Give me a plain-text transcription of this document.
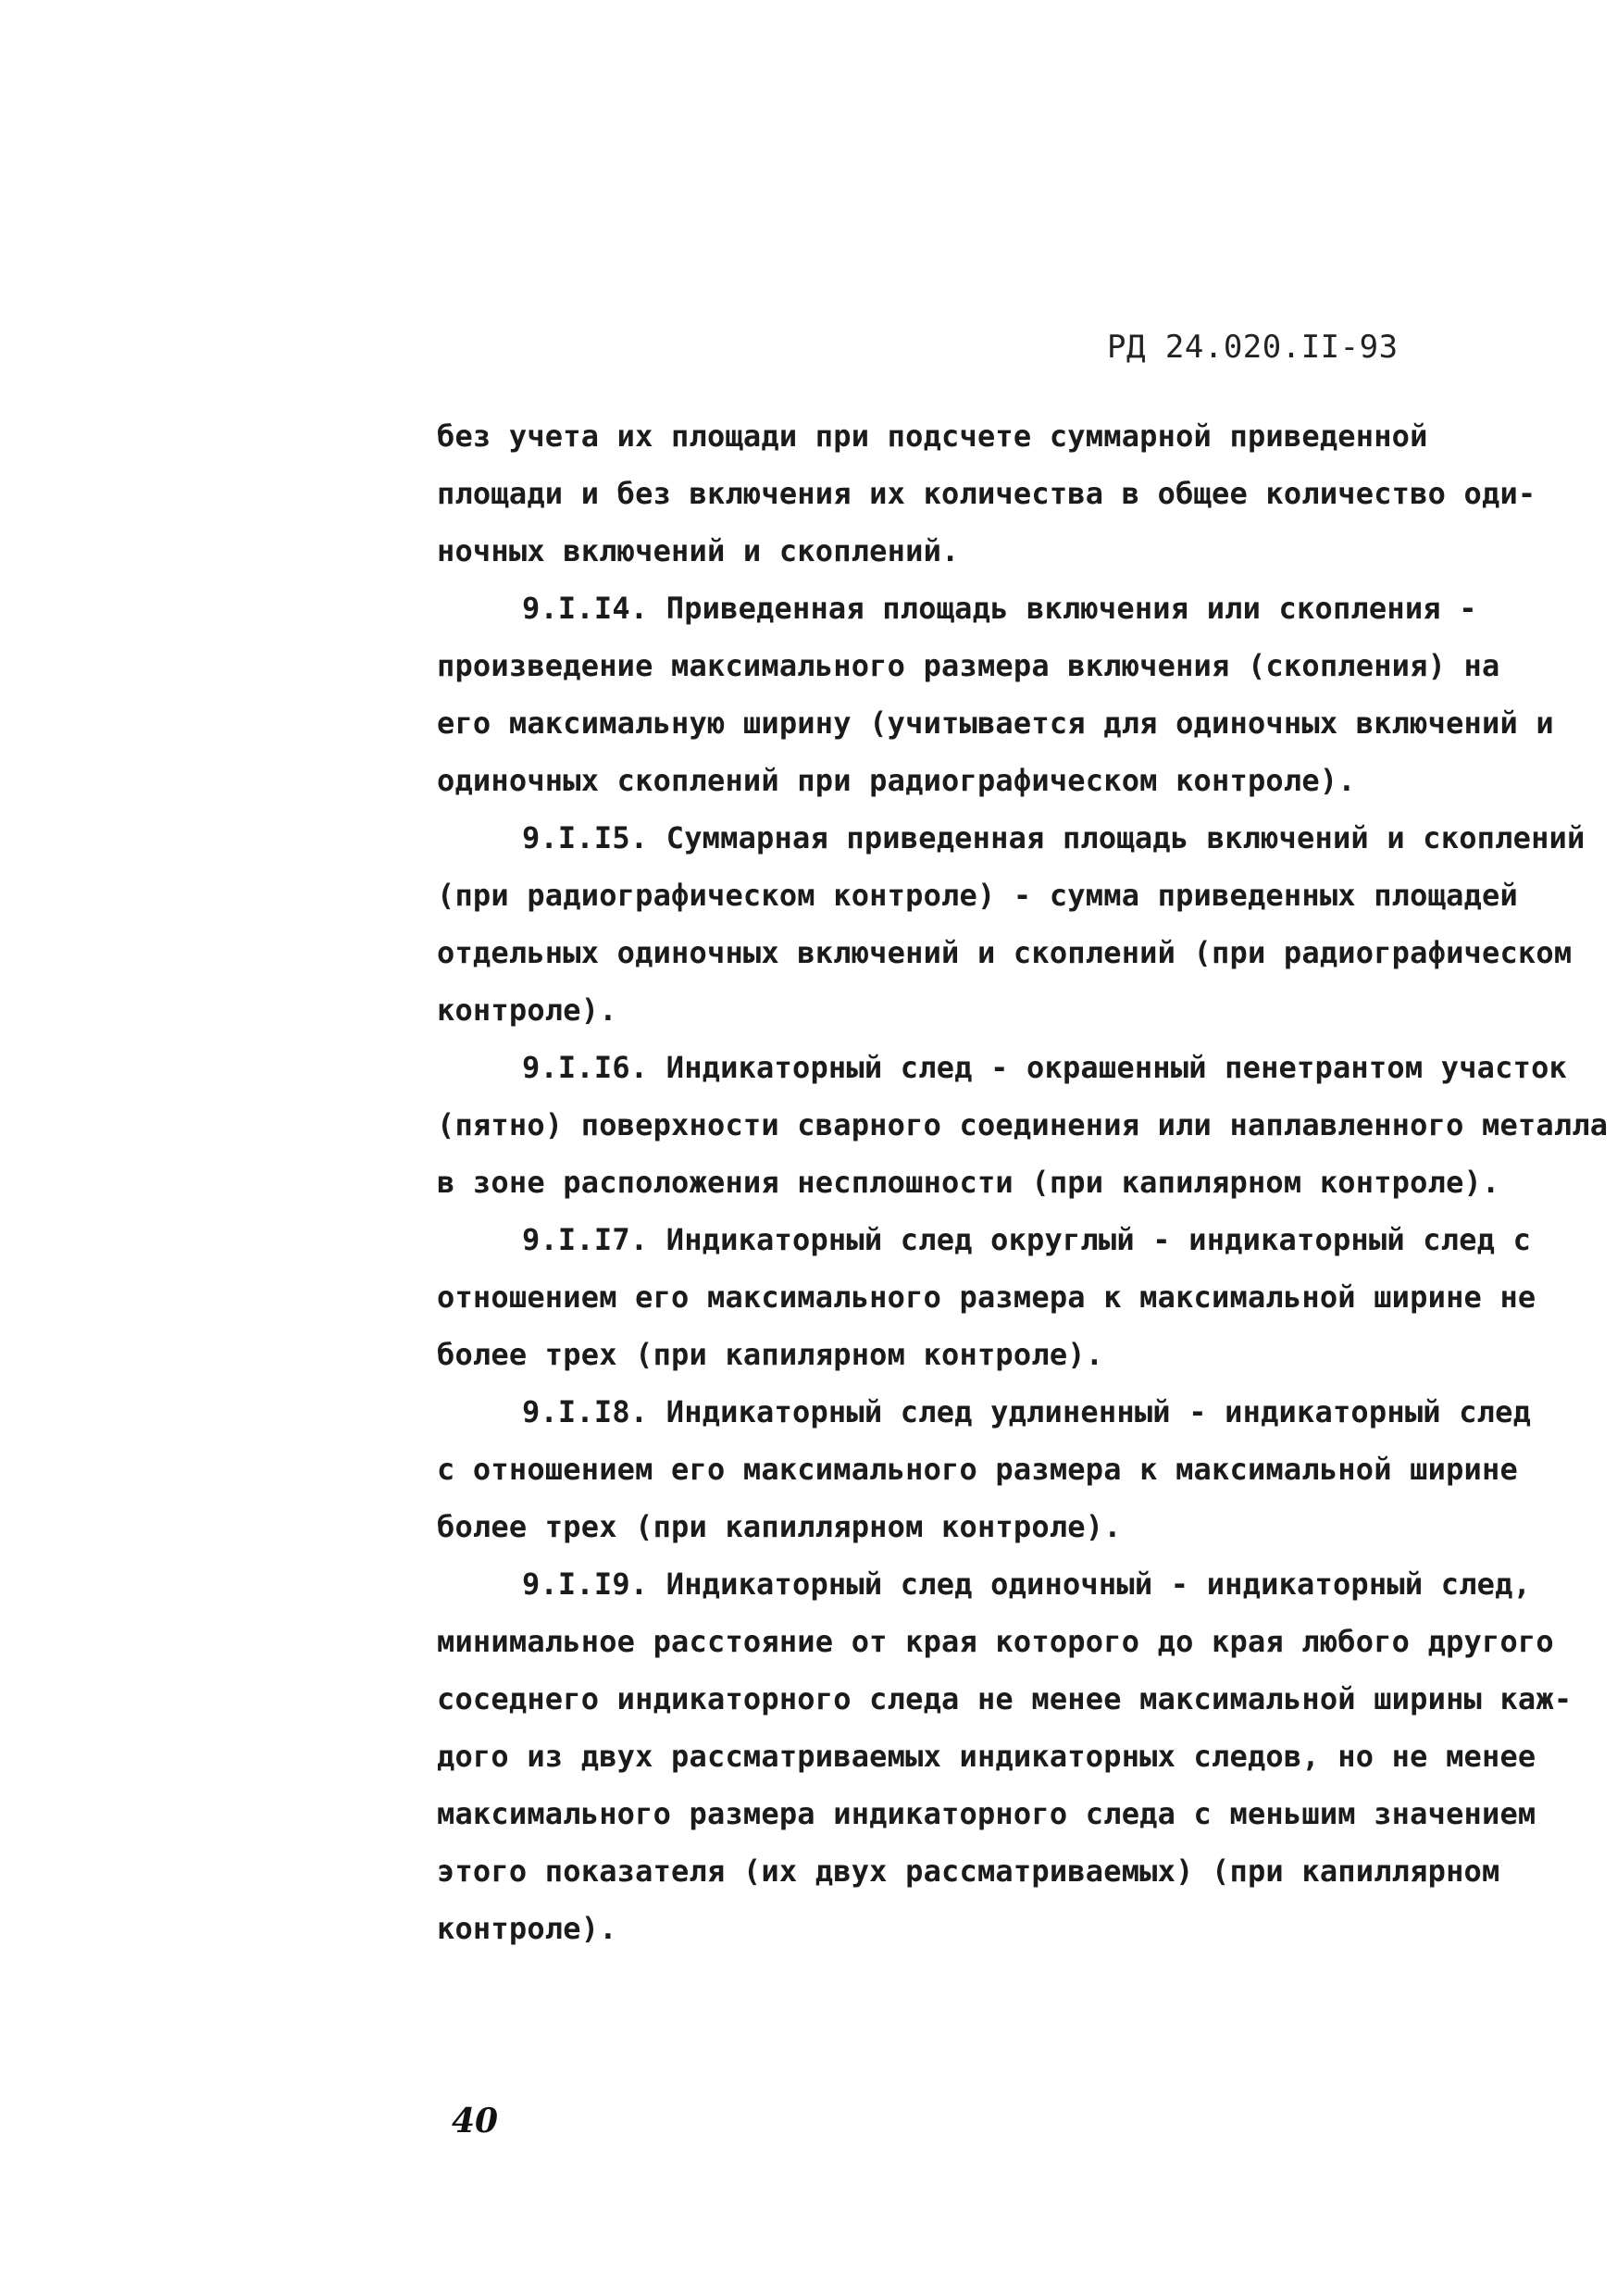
РД 24.020.II-93
без учета их площади при подсчете суммарной приведенной
площади и без включения их количества в общее количество оди-
ночных включений и скоплений.
9.I.I4. Приведенная площадь включения или скопления -
произведение максимального размера включения (скопления) на
его максимальную ширину (учитывается для одиночных включений и
одиночных скоплений при радиографическом контроле).
9.I.I5. Суммарная приведенная площадь включений и скоплений
(при радиографическом контроле) - сумма приведенных площадей
отдельных одиночных включений и скоплений (при радиографическом
контроле).
9.I.I6. Индикаторный след - окрашенный пенетрантом участок
(пятно) поверхности сварного соединения или наплавленного металла
в зоне расположения несплошности (при капилярном контроле).
9.I.I7. Индикаторный след округлый - индикаторный след с
отношением его максимального размера к максимальной ширине не
более трех (при капилярном контроле).
9.I.I8. Индикаторный след удлиненный - индикаторный след
с отношением его максимального размера к максимальной ширине
более трех (при капиллярном контроле).
9.I.I9. Индикаторный след одиночный - индикаторный след,
минимальное расстояние от края которого до края любого другого
соседнего индикаторного следа не менее максимальной ширины каж-
дого из двух рассматриваемых индикаторных следов, но не менее
максимального размера индикаторного следа с меньшим значением
этого показателя (их двух рассматриваемых) (при капиллярном
контроле).
40
